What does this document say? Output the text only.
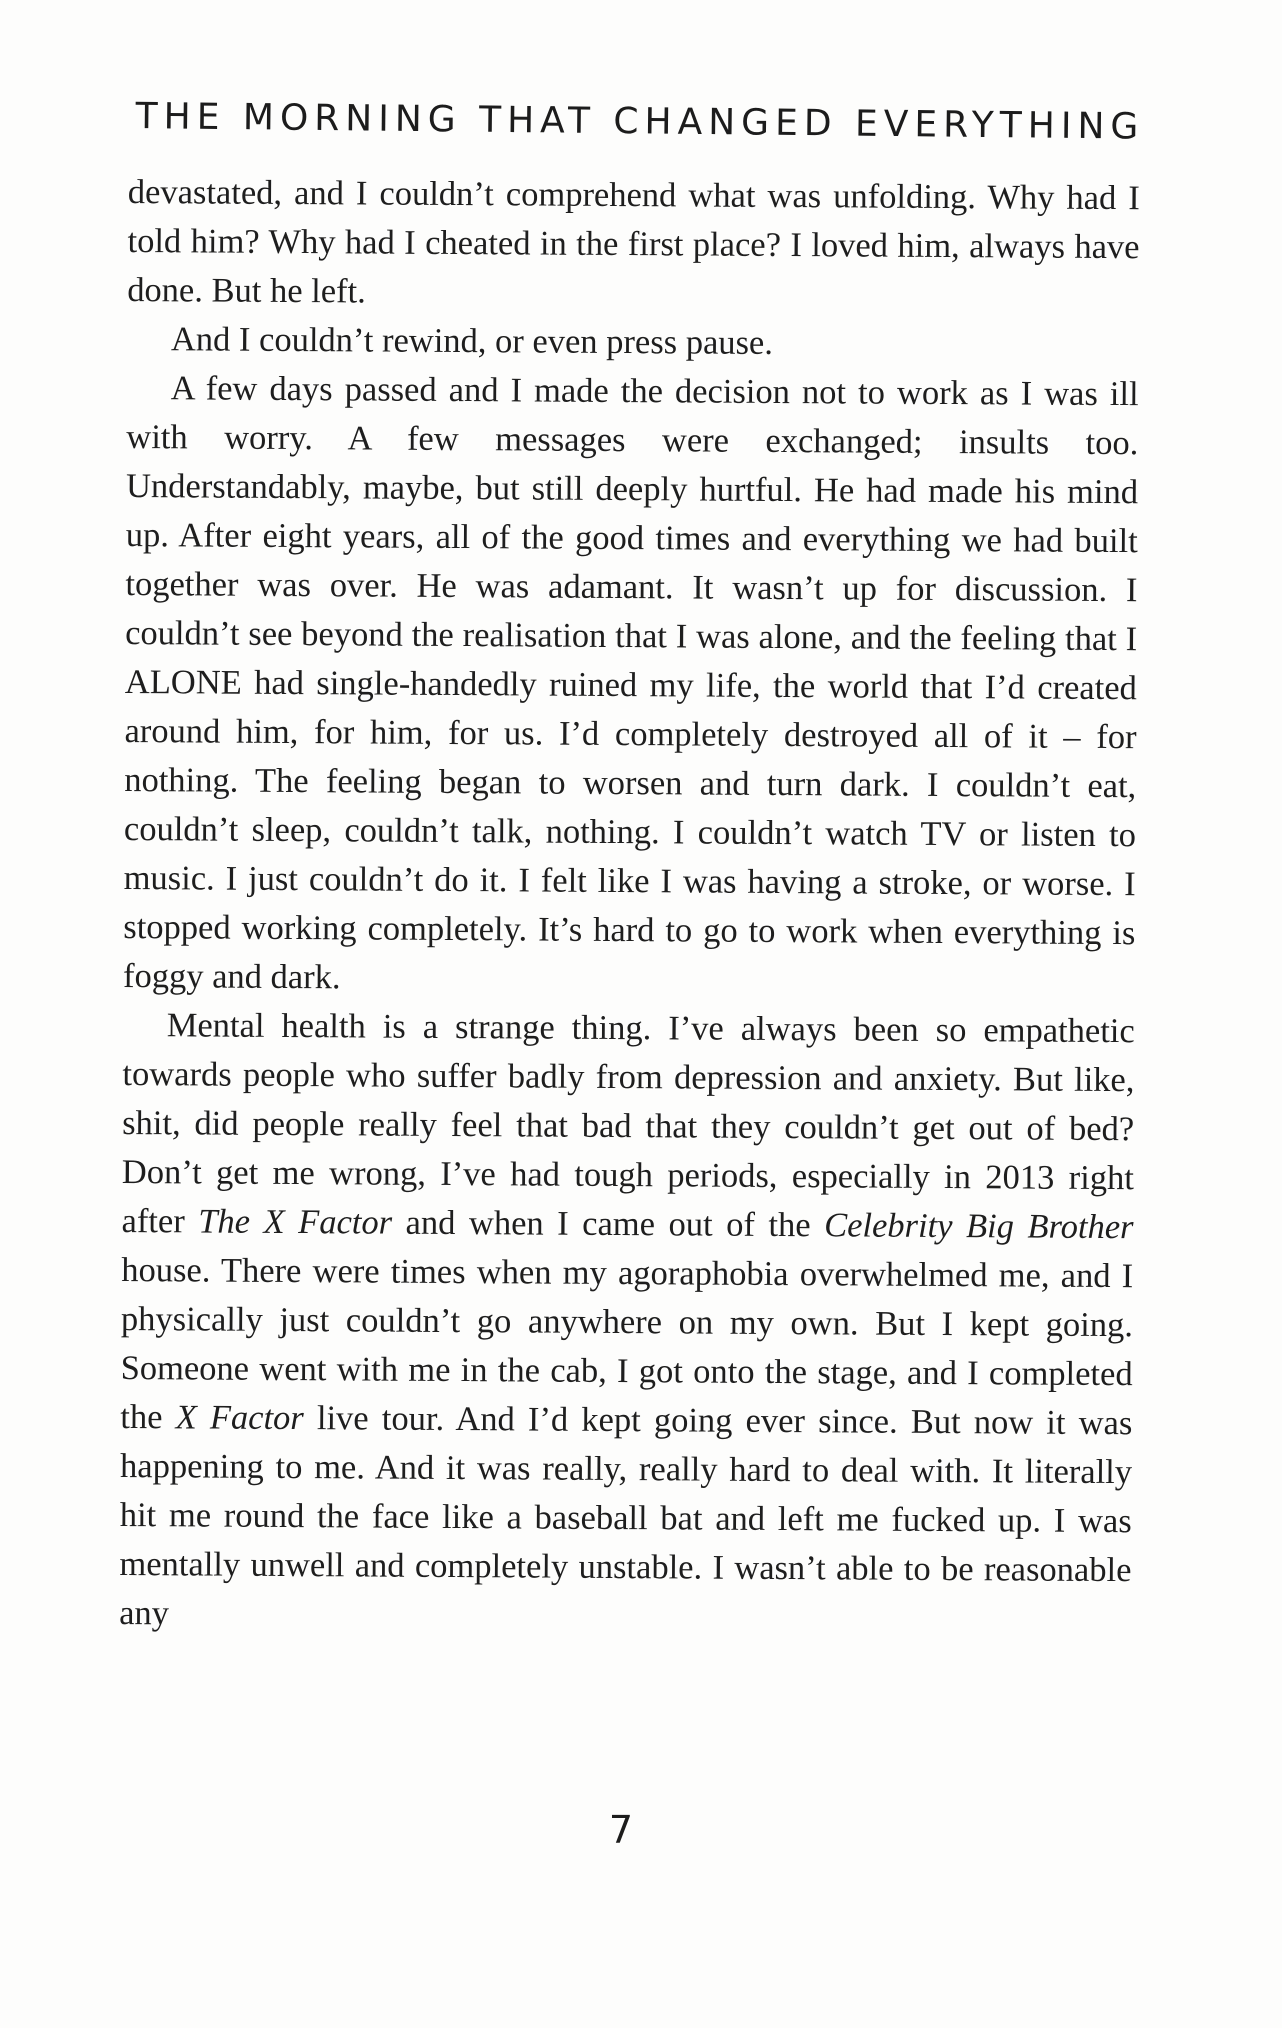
THE MORNING THAT CHANGED EVERYTHING

devastated, and I couldn’t comprehend what was unfolding. Why had I told him? Why had I cheated in the first place? I loved him, always have done. But he left.

And I couldn’t rewind, or even press pause.

A few days passed and I made the decision not to work as I was ill with worry. A few messages were exchanged; insults too. Understandably, maybe, but still deeply hurtful. He had made his mind up. After eight years, all of the good times and everything we had built together was over. He was adamant. It wasn’t up for discussion. I couldn’t see beyond the realisation that I was alone, and the feeling that I ALONE had single-handedly ruined my life, the world that I’d created around him, for him, for us. I’d completely destroyed all of it – for nothing. The feeling began to worsen and turn dark. I couldn’t eat, couldn’t sleep, couldn’t talk, nothing. I couldn’t watch TV or listen to music. I just couldn’t do it. I felt like I was having a stroke, or worse. I stopped working completely. It’s hard to go to work when everything is foggy and dark.

Mental health is a strange thing. I’ve always been so empathetic towards people who suffer badly from depression and anxiety. But like, shit, did people really feel that bad that they couldn’t get out of bed? Don’t get me wrong, I’ve had tough periods, especially in 2013 right after The X Factor and when I came out of the Celebrity Big Brother house. There were times when my agoraphobia overwhelmed me, and I physically just couldn’t go anywhere on my own. But I kept going. Someone went with me in the cab, I got onto the stage, and I completed the X Factor live tour. And I’d kept going ever since. But now it was happening to me. And it was really, really hard to deal with. It literally hit me round the face like a baseball bat and left me fucked up. I was mentally unwell and completely unstable. I wasn’t able to be reasonable any

7
